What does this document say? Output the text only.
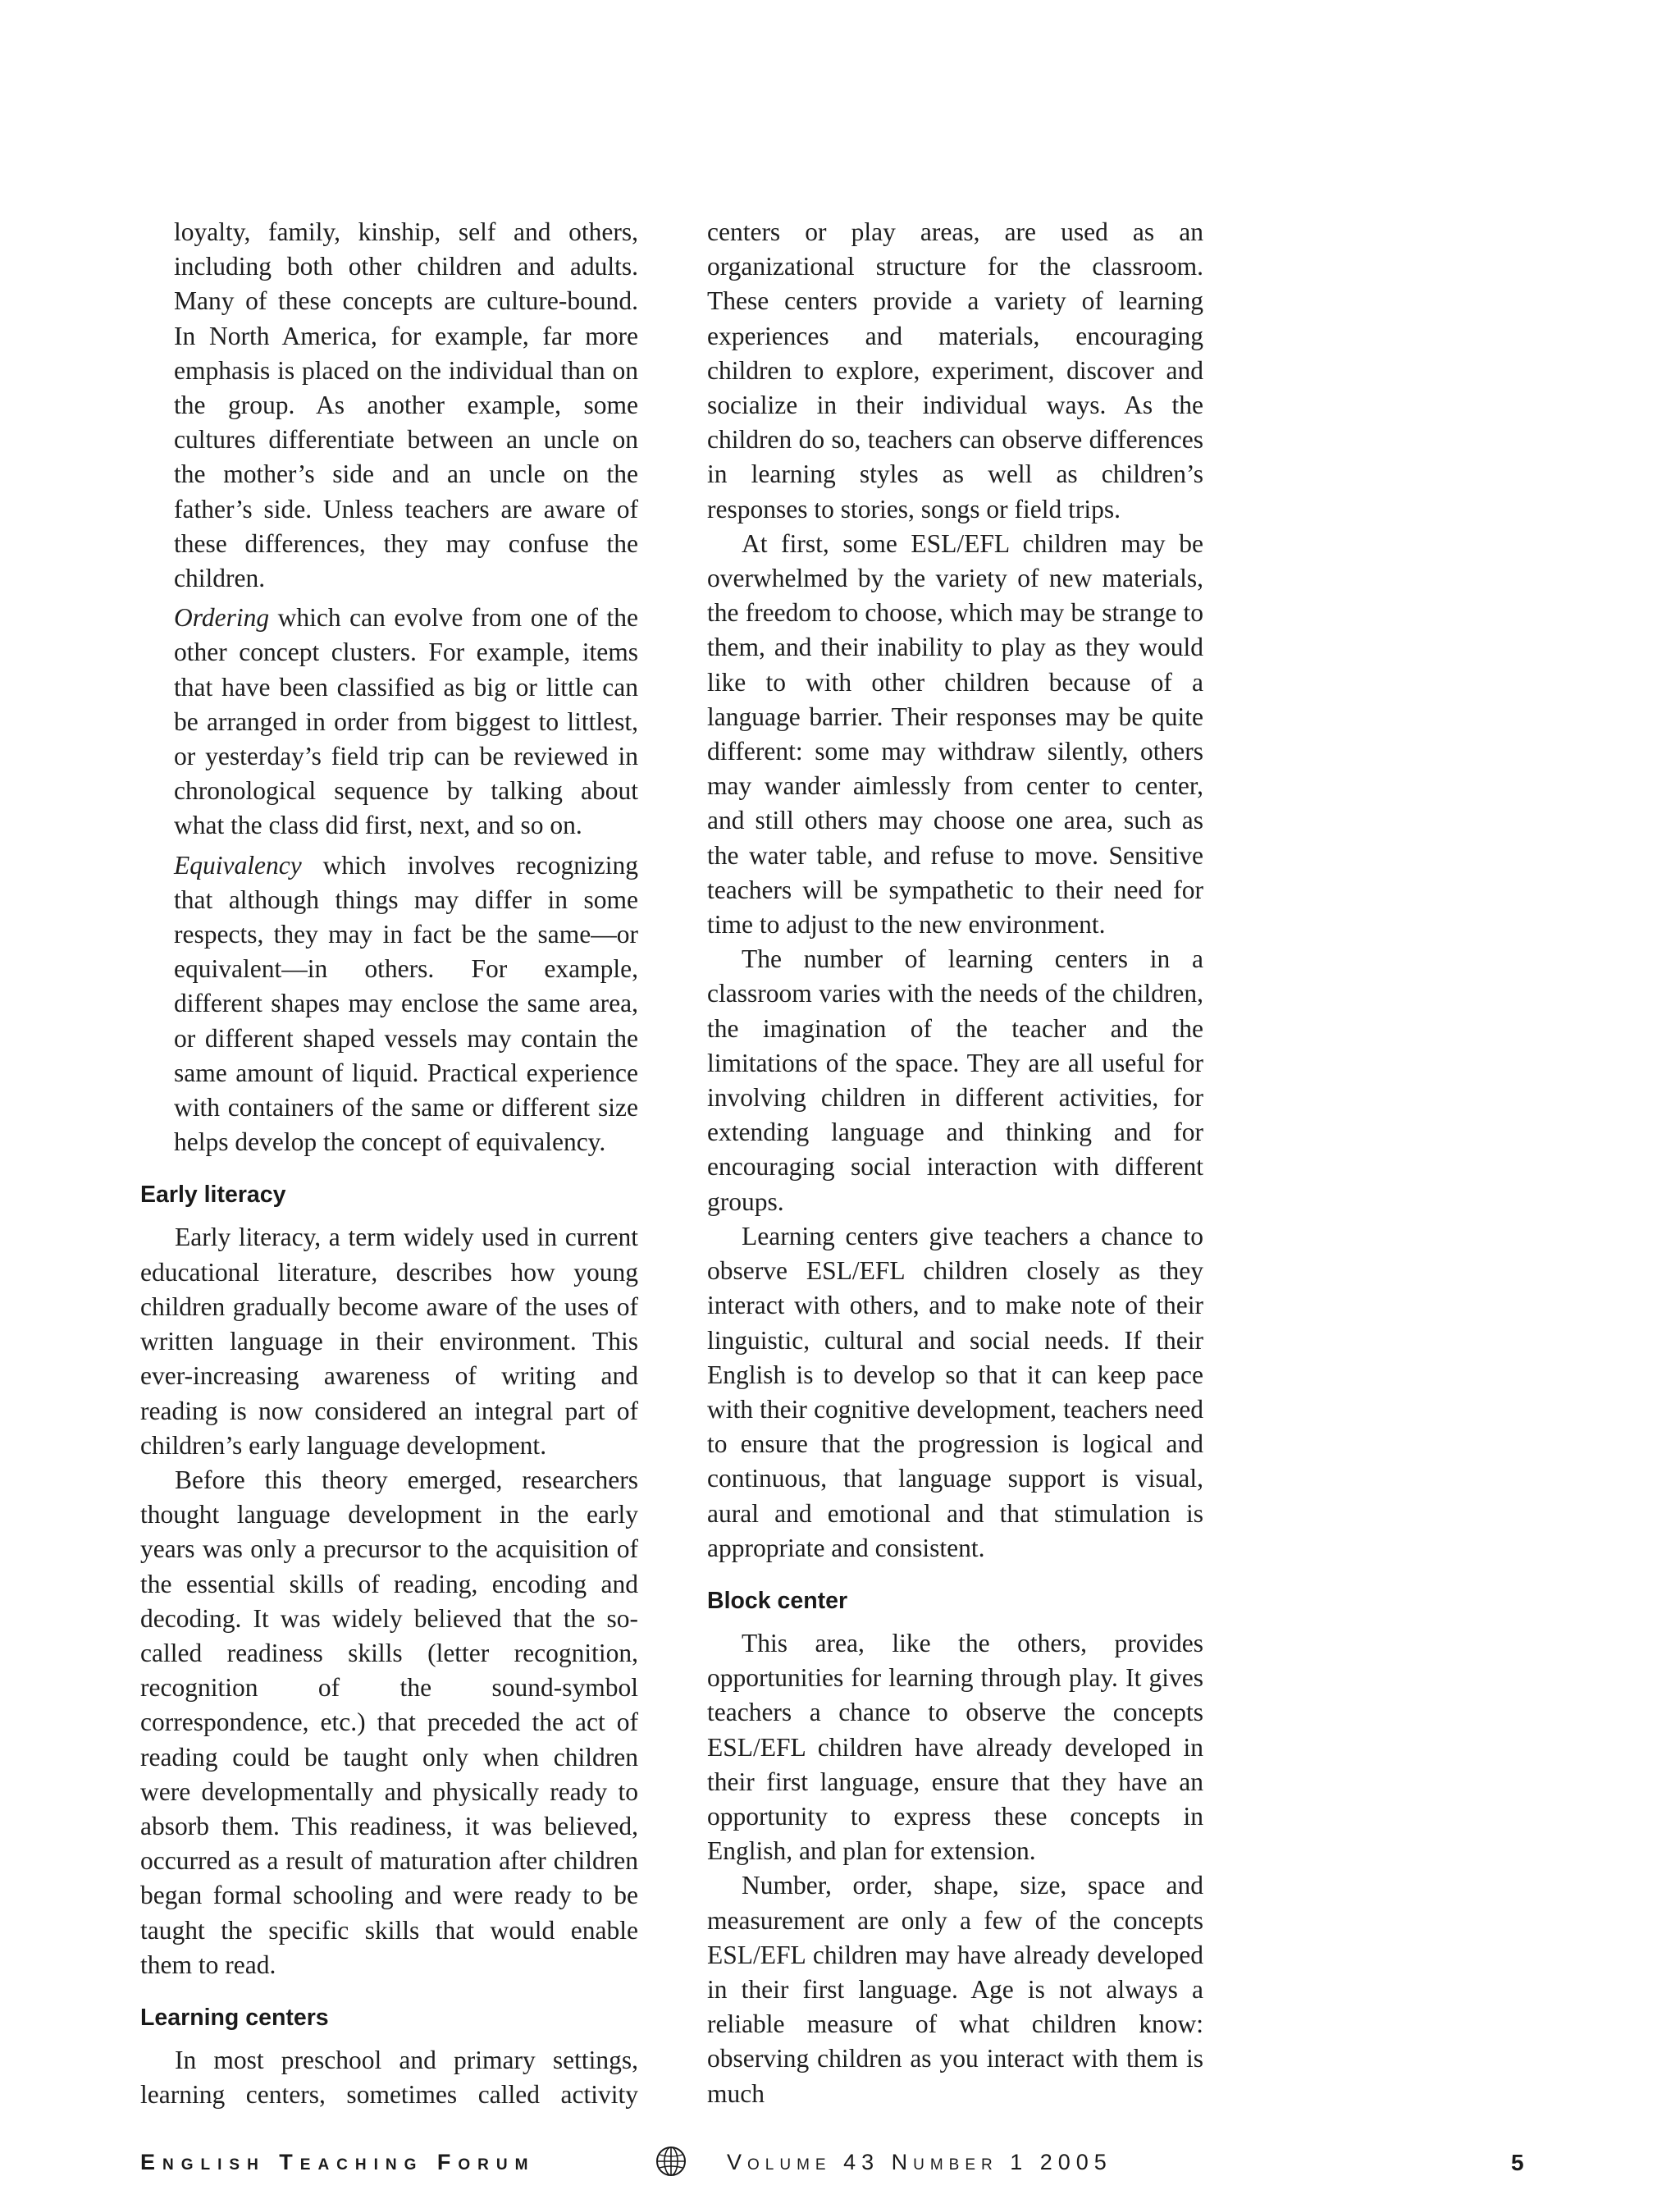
loyalty, family, kinship, self and others, including both other children and adults. Many of these concepts are culture-bound. In North America, for example, far more emphasis is placed on the individual than on the group. As another example, some cultures differentiate between an uncle on the mother’s side and an uncle on the father’s side. Unless teachers are aware of these differences, they may confuse the children.

Ordering which can evolve from one of the other concept clusters. For example, items that have been classified as big or little can be arranged in order from biggest to littlest, or yesterday’s field trip can be reviewed in chronological sequence by talking about what the class did first, next, and so on.

Equivalency which involves recognizing that although things may differ in some respects, they may in fact be the same—or equivalent—in others. For example, different shapes may enclose the same area, or different shaped vessels may contain the same amount of liquid. Practical experience with containers of the same or different size helps develop the concept of equivalency.

Early literacy

Early literacy, a term widely used in current educational literature, describes how young children gradually become aware of the uses of written language in their environment. This ever-increasing awareness of writing and reading is now considered an integral part of children’s early language development.

Before this theory emerged, researchers thought language development in the early years was only a precursor to the acquisition of the essential skills of reading, encoding and decoding. It was widely believed that the so-called readiness skills (letter recognition, recognition of the sound-symbol correspondence, etc.) that preceded the act of reading could be taught only when children were developmentally and physically ready to absorb them. This readiness, it was believed, occurred as a result of maturation after children began formal schooling and were ready to be taught the specific skills that would enable them to read.

Learning centers

In most preschool and primary settings, learning centers, sometimes called activity

centers or play areas, are used as an organizational structure for the classroom. These centers provide a variety of learning experiences and materials, encouraging children to explore, experiment, discover and socialize in their individual ways. As the children do so, teachers can observe differences in learning styles as well as children’s responses to stories, songs or field trips.

At first, some ESL/EFL children may be overwhelmed by the variety of new materials, the freedom to choose, which may be strange to them, and their inability to play as they would like to with other children because of a language barrier. Their responses may be quite different: some may withdraw silently, others may wander aimlessly from center to center, and still others may choose one area, such as the water table, and refuse to move. Sensitive teachers will be sympathetic to their need for time to adjust to the new environment.

The number of learning centers in a classroom varies with the needs of the children, the imagination of the teacher and the limitations of the space. They are all useful for involving children in different activities, for extending language and thinking and for encouraging social interaction with different groups.

Learning centers give teachers a chance to observe ESL/EFL children closely as they interact with others, and to make note of their linguistic, cultural and social needs. If their English is to develop so that it can keep pace with their cognitive development, teachers need to ensure that the progression is logical and continuous, that language support is visual, aural and emotional and that stimulation is appropriate and consistent.

Block center

This area, like the others, provides opportunities for learning through play. It gives teachers a chance to observe the concepts ESL/EFL children have already developed in their first language, ensure that they have an opportunity to express these concepts in English, and plan for extension.

Number, order, shape, size, space and measurement are only a few of the concepts ESL/EFL children may have already developed in their first language. Age is not always a reliable measure of what children know: observing children as you interact with them is much

English Teaching Forum	Volume 43 Number 1 2005	5
